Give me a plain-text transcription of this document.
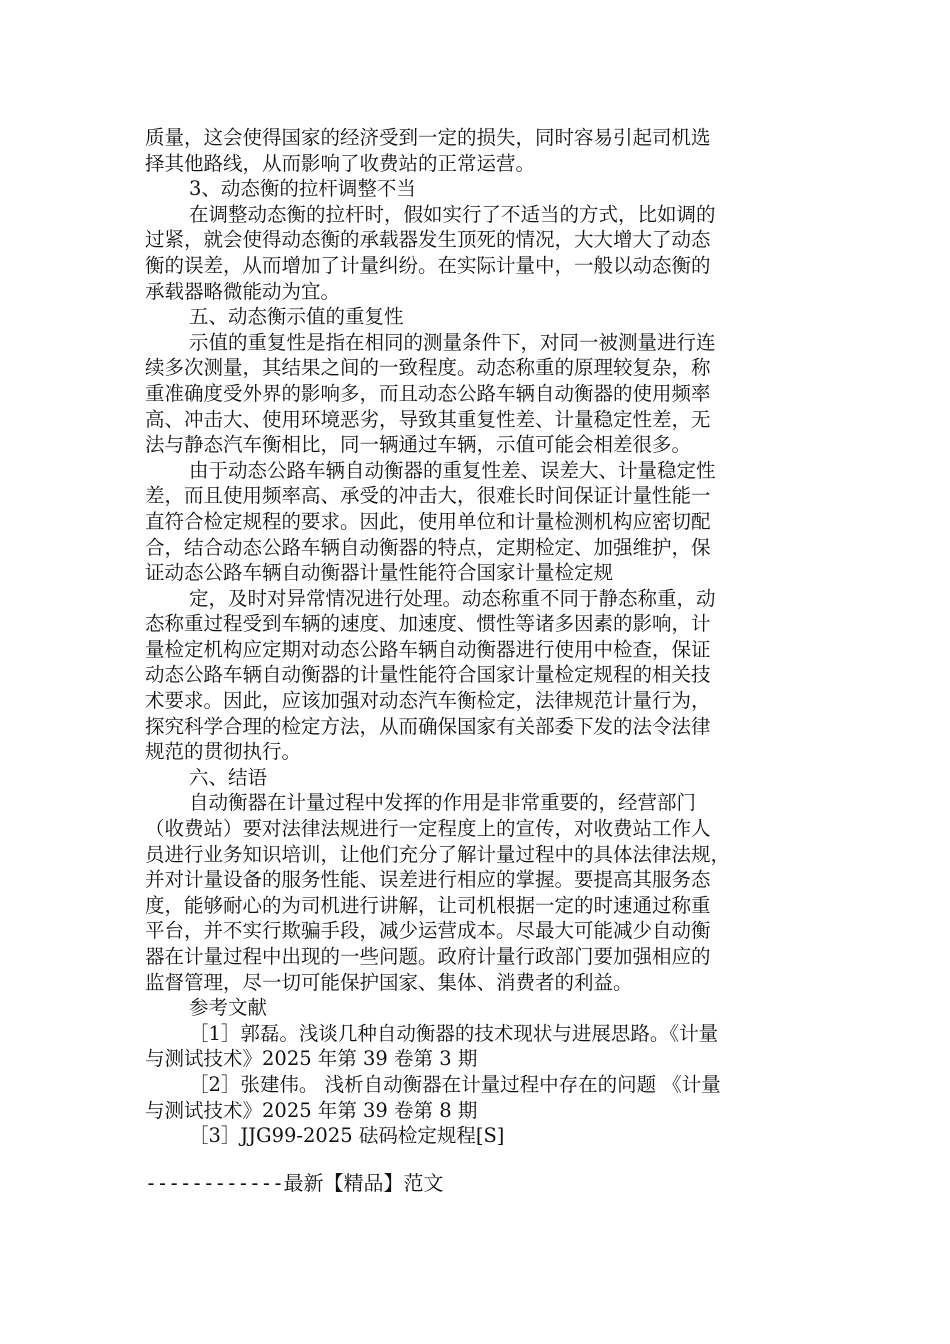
质量，这会使得国家的经济受到一定的损失，同时容易引起司机选
择其他路线，从而影响了收费站的正常运营。
3、动态衡的拉杆调整不当
在调整动态衡的拉杆时，假如实行了不适当的方式，比如调的
过紧，就会使得动态衡的承载器发生顶死的情况，大大增大了动态
衡的误差，从而增加了计量纠纷。在实际计量中，一般以动态衡的
承载器略微能动为宜。
五、动态衡示值的重复性
示值的重复性是指在相同的测量条件下，对同一被测量进行连
续多次测量，其结果之间的一致程度。动态称重的原理较复杂，称
重准确度受外界的影响多，而且动态公路车辆自动衡器的使用频率
高、冲击大、使用环境恶劣，导致其重复性差、计量稳定性差，无
法与静态汽车衡相比，同一辆通过车辆，示值可能会相差很多。
由于动态公路车辆自动衡器的重复性差、误差大、计量稳定性
差，而且使用频率高、承受的冲击大，很难长时间保证计量性能一
直符合检定规程的要求。因此，使用单位和计量检测机构应密切配
合，结合动态公路车辆自动衡器的特点，定期检定、加强维护，保
证动态公路车辆自动衡器计量性能符合国家计量检定规
定，及时对异常情况进行处理。动态称重不同于静态称重，动
态称重过程受到车辆的速度、加速度、惯性等诸多因素的影响，计
量检定机构应定期对动态公路车辆自动衡器进行使用中检查，保证
动态公路车辆自动衡器的计量性能符合国家计量检定规程的相关技
术要求。因此，应该加强对动态汽车衡检定，法律规范计量行为，
探究科学合理的检定方法，从而确保国家有关部委下发的法令法律
规范的贯彻执行。
六、结语
自动衡器在计量过程中发挥的作用是非常重要的，经营部门
（收费站）要对法律法规进行一定程度上的宣传，对收费站工作人
员进行业务知识培训，让他们充分了解计量过程中的具体法律法规，
并对计量设备的服务性能、误差进行相应的掌握。要提高其服务态
度，能够耐心的为司机进行讲解，让司机根据一定的时速通过称重
平台，并不实行欺骗手段，减少运营成本。尽最大可能减少自动衡
器在计量过程中出现的一些问题。政府计量行政部门要加强相应的
监督管理，尽一切可能保护国家、集体、消费者的利益。
参考文献
［1］郭磊。浅谈几种自动衡器的技术现状与进展思路。《计量
与测试技术》2025 年第 39 卷第 3 期
［2］张建伟。 浅析自动衡器在计量过程中存在的问题 《计量
与测试技术》2025 年第 39 卷第 8 期
［3］JJG99-2025 砝码检定规程[S]
------------最新【精品】范文
